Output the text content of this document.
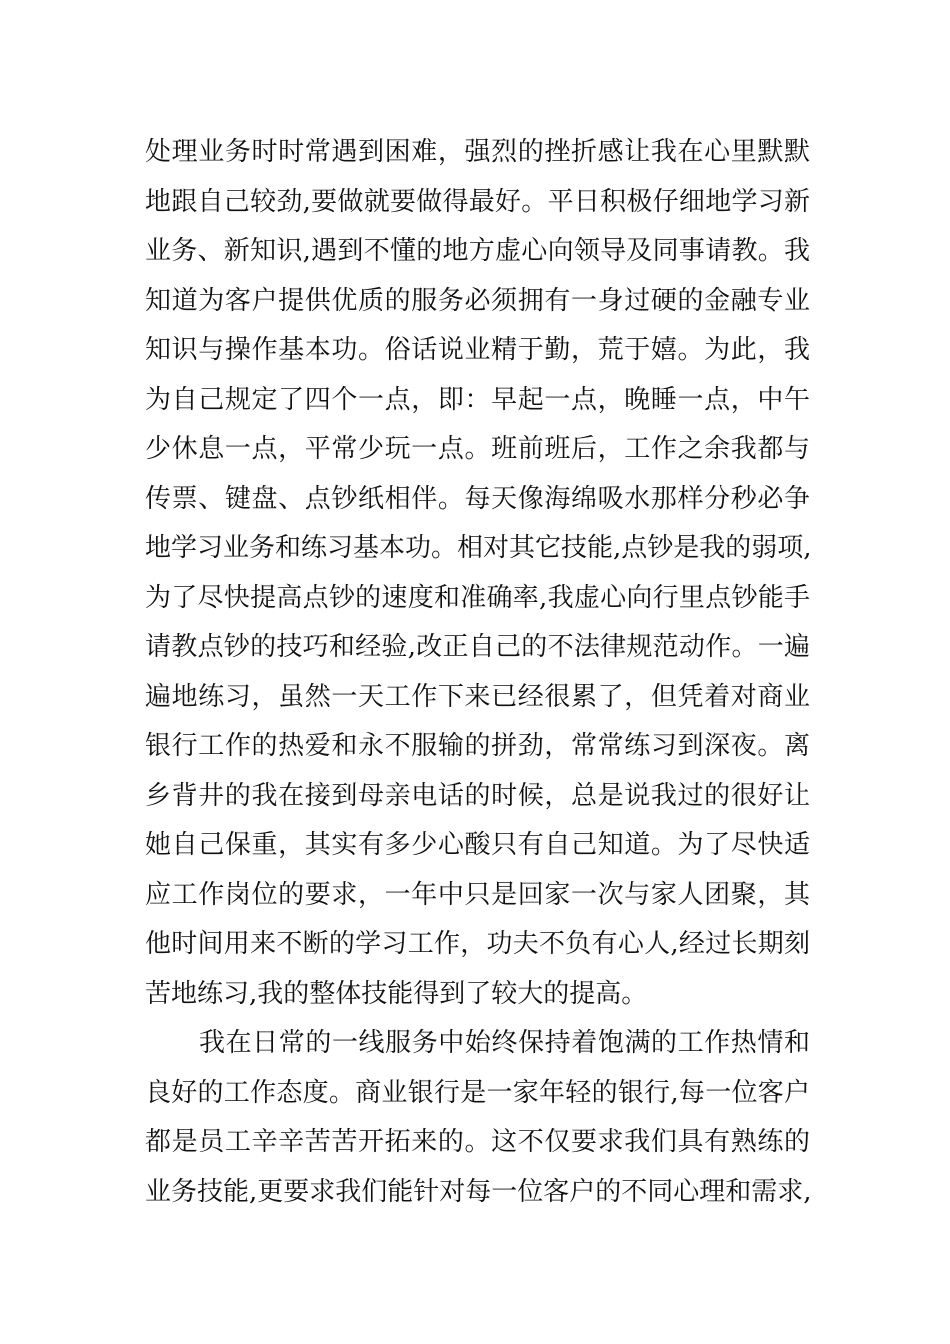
处理业务时时常遇到困难，强烈的挫折感让我在心里默默
地跟自己较劲,要做就要做得最好。平日积极仔细地学习新
业务、新知识,遇到不懂的地方虚心向领导及同事请教。我
知道为客户提供优质的服务必须拥有一身过硬的金融专业
知识与操作基本功。俗话说业精于勤，荒于嬉。为此，我
为自己规定了四个一点，即：早起一点，晚睡一点，中午
少休息一点，平常少玩一点。班前班后，工作之余我都与
传票、键盘、点钞纸相伴。每天像海绵吸水那样分秒必争
地学习业务和练习基本功。相对其它技能,点钞是我的弱项,
为了尽快提高点钞的速度和准确率,我虚心向行里点钞能手
请教点钞的技巧和经验,改正自己的不法律规范动作。一遍
遍地练习，虽然一天工作下来已经很累了，但凭着对商业
银行工作的热爱和永不服输的拼劲，常常练习到深夜。离
乡背井的我在接到母亲电话的时候，总是说我过的很好让
她自己保重，其实有多少心酸只有自己知道。为了尽快适
应工作岗位的要求，一年中只是回家一次与家人团聚，其
他时间用来不断的学习工作，功夫不负有心人,经过长期刻
苦地练习,我的整体技能得到了较大的提高。
我在日常的一线服务中始终保持着饱满的工作热情和
良好的工作态度。商业银行是一家年轻的银行,每一位客户
都是员工辛辛苦苦开拓来的。这不仅要求我们具有熟练的
业务技能,更要求我们能针对每一位客户的不同心理和需求,
